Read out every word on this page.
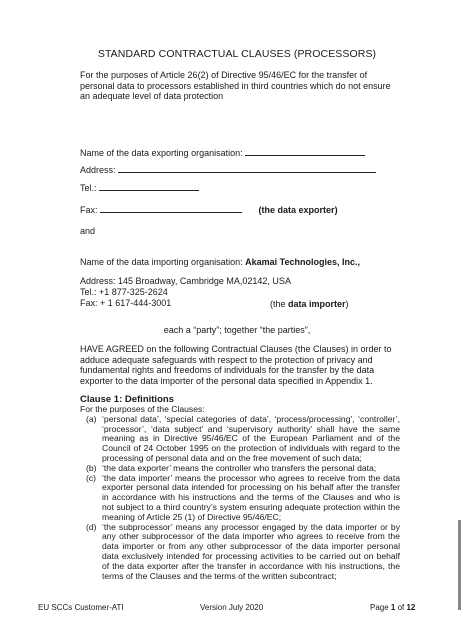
STANDARD CONTRACTUAL CLAUSES (PROCESSORS)

For the purposes of Article 26(2) of Directive 95/46/EC for the transfer of personal data to processors established in third countries which do not ensure an adequate level of data protection

Name of the data exporting organisation:
Address:
Tel.:
Fax:	(the data exporter)
and
Name of the data importing organisation: Akamai Technologies, Inc.,
Address: 145 Broadway, Cambridge MA,02142, USA
Tel.: +1 877-325-2624
Fax: + 1 617-444-3001	(the data importer)
each a “party”; together “the parties”,

HAVE AGREED on the following Contractual Clauses (the Clauses) in order to adduce adequate safeguards with respect to the protection of privacy and fundamental rights and freedoms of individuals for the transfer by the data exporter to the data importer of the personal data specified in Appendix 1.

Clause 1: Definitions

For the purposes of the Clauses:

(a) ‘personal data’, ‘special categories of data’, ‘process/processing’, ‘controller’, ‘processor’, ‘data subject’ and ‘supervisory authority’ shall have the same meaning as in Directive 95/46/EC of the European Parliament and of the Council of 24 October 1995 on the protection of individuals with regard to the processing of personal data and on the free movement of such data;

(b) ‘the data exporter’ means the controller who transfers the personal data;

(c) ‘the data importer’ means the processor who agrees to receive from the data exporter personal data intended for processing on his behalf after the transfer in accordance with his instructions and the terms of the Clauses and who is not subject to a third country’s system ensuring adequate protection within the meaning of Article 25 (1) of Directive 95/46/EC;

(d) ‘the subprocessor’ means any processor engaged by the data importer or by any other subprocessor of the data importer who agrees to receive from the data importer or from any other subprocessor of the data importer personal data exclusively intended for processing activities to be carried out on behalf of the data exporter after the transfer in accordance with his instructions, the terms of the Clauses and the terms of the written subcontract;

EU SCCs Customer-ATI	Version July 2020	Page 1 of 12
